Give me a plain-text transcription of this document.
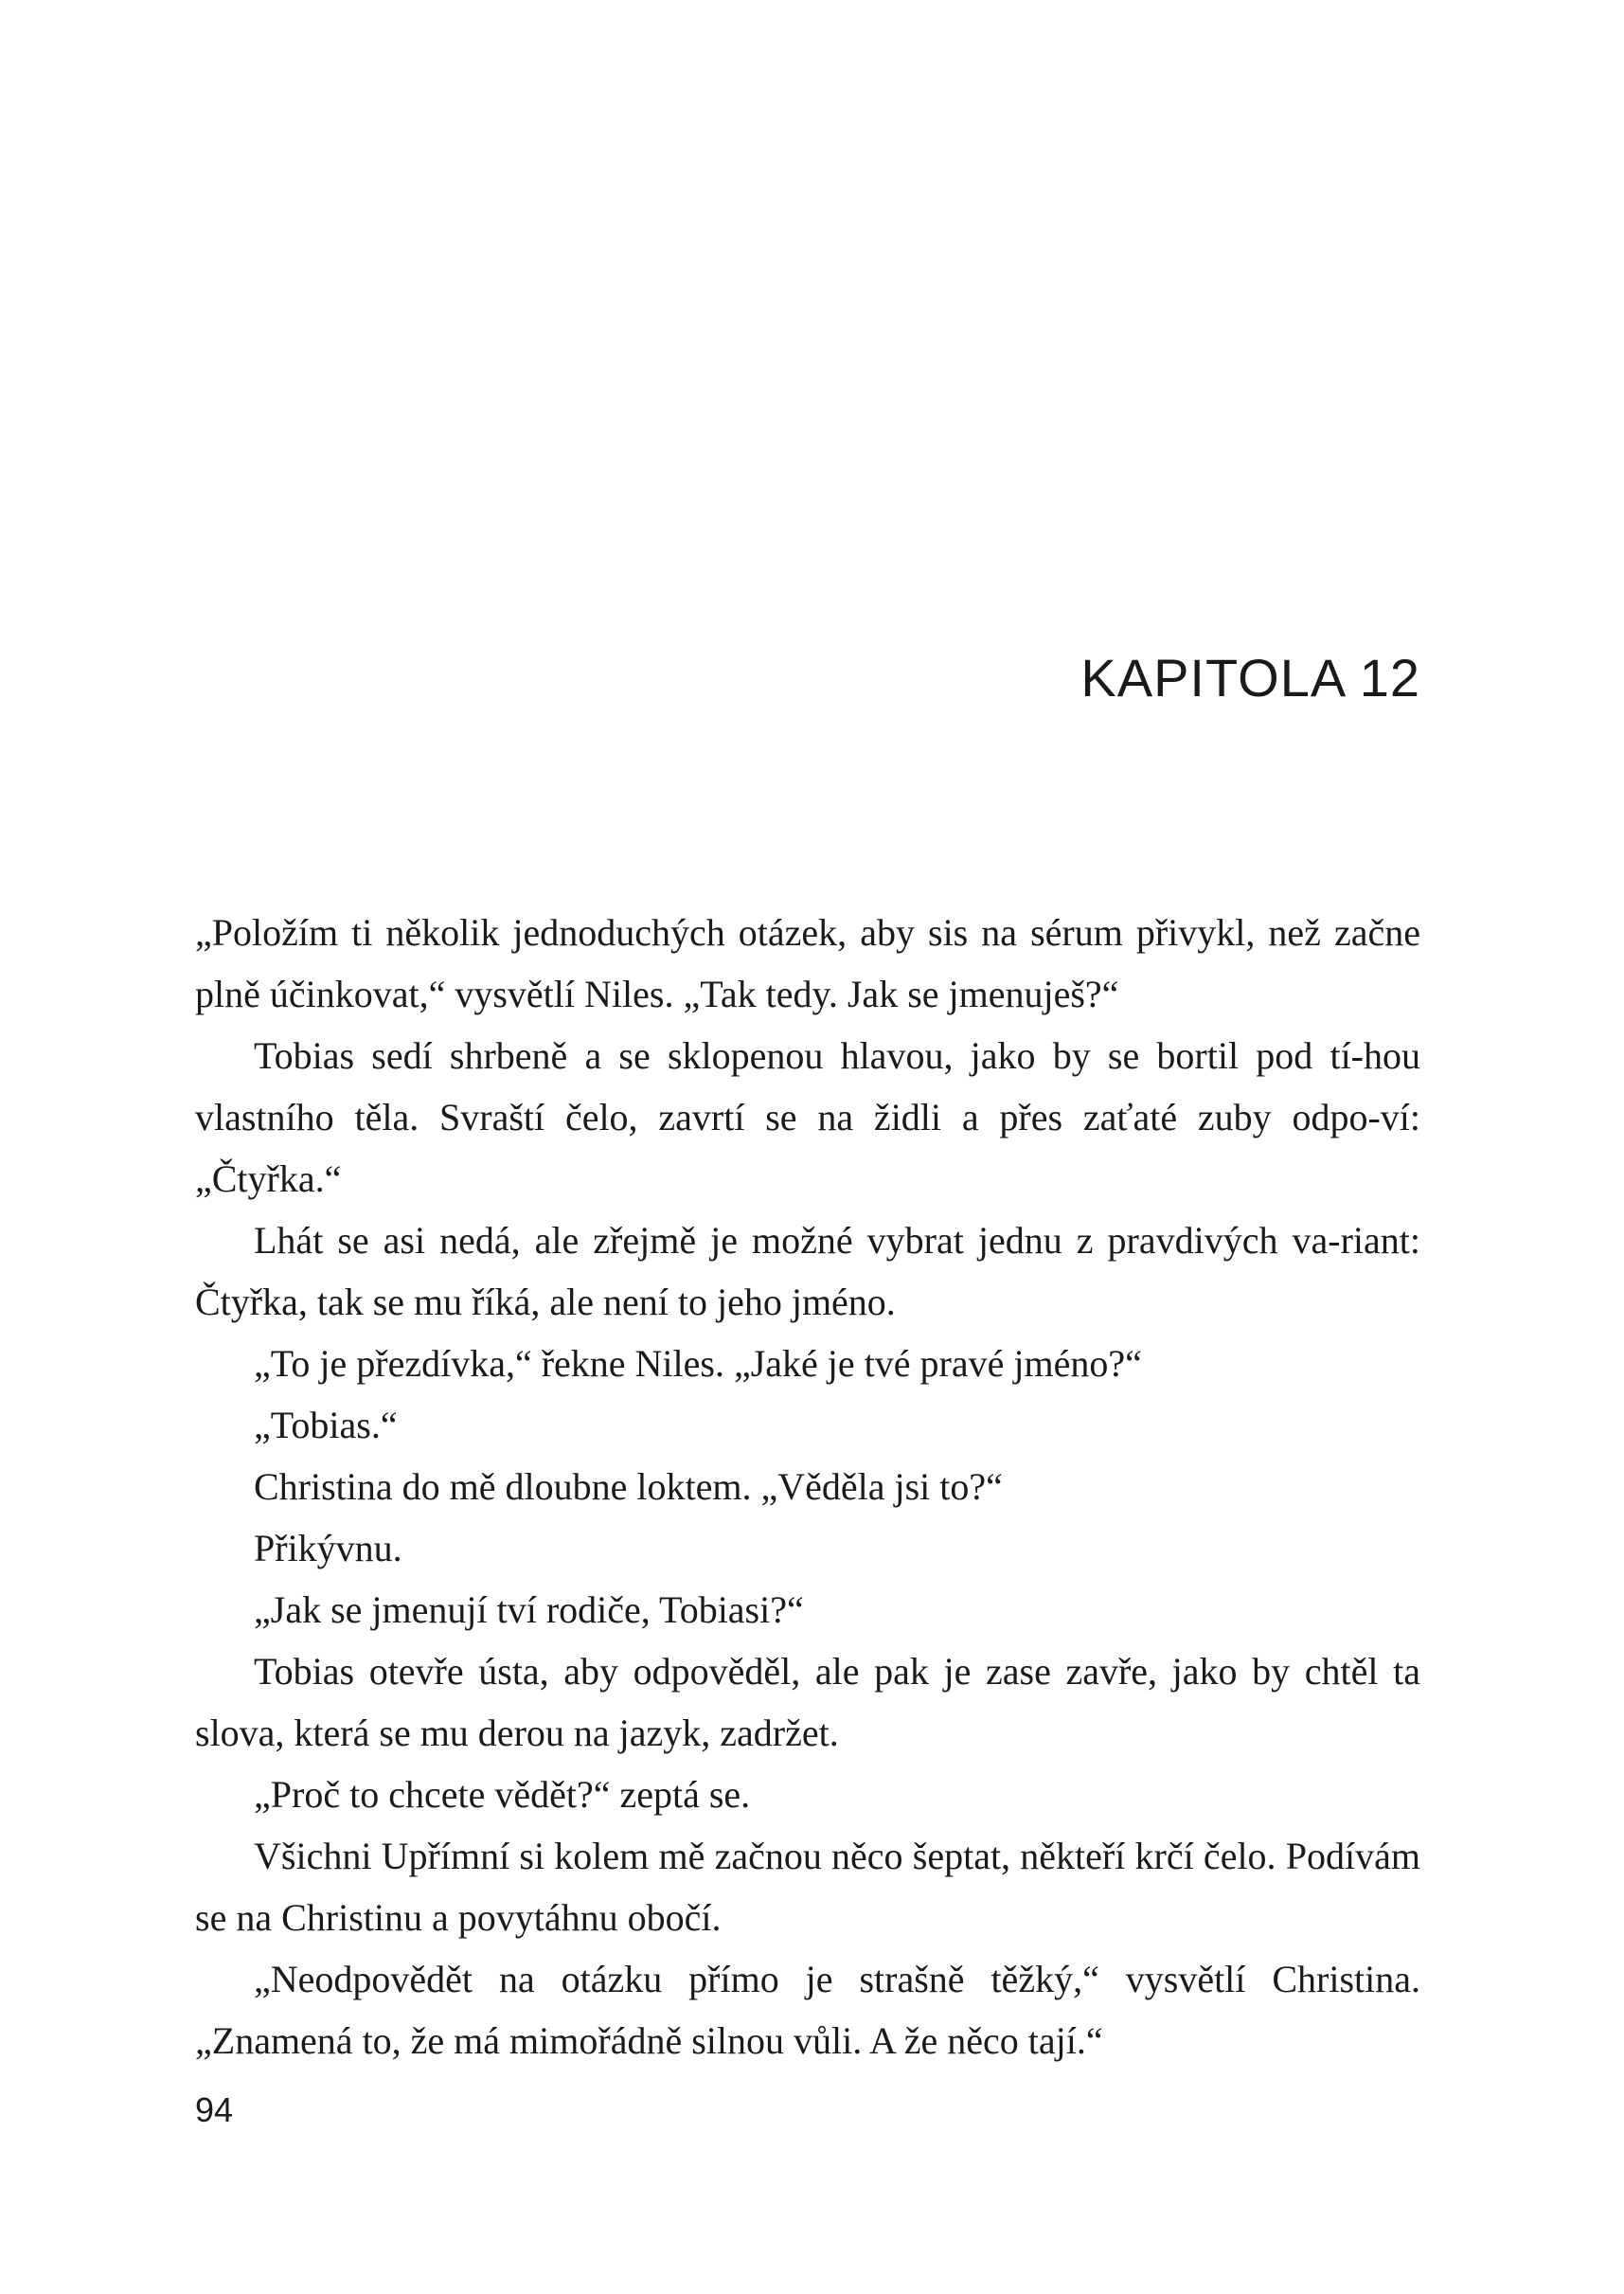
KAPITOLA 12

„Položím ti několik jednoduchých otázek, aby sis na sérum přivykl, než začne plně účinkovat,“ vysvětlí Niles. „Tak tedy. Jak se jmenuješ?“

Tobias sedí shrbeně a se sklopenou hlavou, jako by se bortil pod tí-hou vlastního těla. Svraští čelo, zavrtí se na židli a přes zaťaté zuby odpo-ví: „Čtyřka.“

Lhát se asi nedá, ale zřejmě je možné vybrat jednu z pravdivých va-riant: Čtyřka, tak se mu říká, ale není to jeho jméno.

„To je přezdívka,“ řekne Niles. „Jaké je tvé pravé jméno?“

„Tobias.“

Christina do mě dloubne loktem. „Věděla jsi to?“

Přikývnu.

„Jak se jmenují tví rodiče, Tobiasi?“

Tobias otevře ústa, aby odpověděl, ale pak je zase zavře, jako by chtěl ta slova, která se mu derou na jazyk, zadržet.

„Proč to chcete vědět?“ zeptá se.

Všichni Upřímní si kolem mě začnou něco šeptat, někteří krčí čelo. Podívám se na Christinu a povytáhnu obočí.

„Neodpovědět na otázku přímo je strašně těžký,“ vysvětlí Christina. „Znamená to, že má mimořádně silnou vůli. A že něco tají.“

94
